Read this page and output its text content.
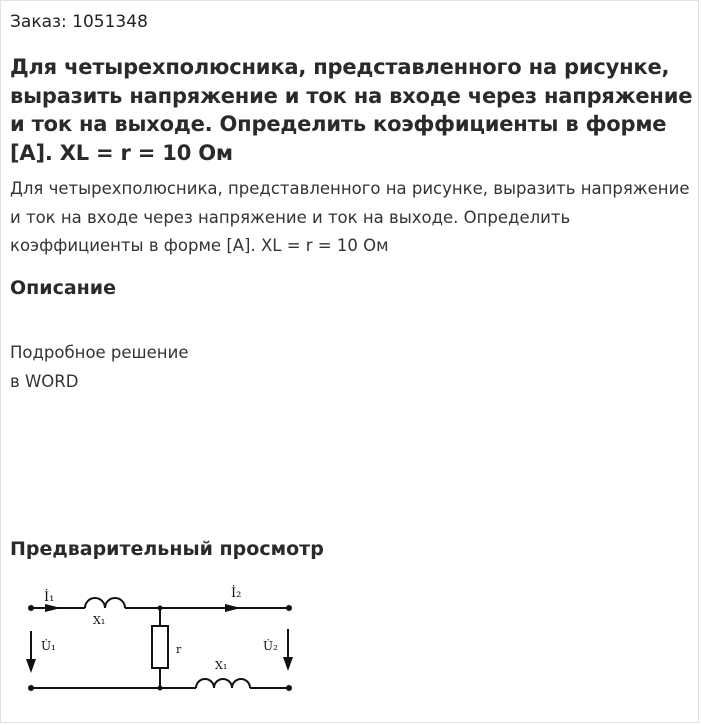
Заказ: 1051348
Для четырехполюсника, представленного на рисунке, выразить напряжение и ток на входе через напряжение и ток на выходе. Определить коэффициенты в форме [А]. XL = r = 10 Ом
Для четырехполюсника, представленного на рисунке, выразить напряжение и ток на входе через напряжение и ток на выходе. Определить коэффициенты в форме [А]. XL = r = 10 Ом
Описание
Подробное решение
в WORD
Предварительный просмотр
İ₁	İ₂
U̇₁	U̇₂
X₁
X₁
r
